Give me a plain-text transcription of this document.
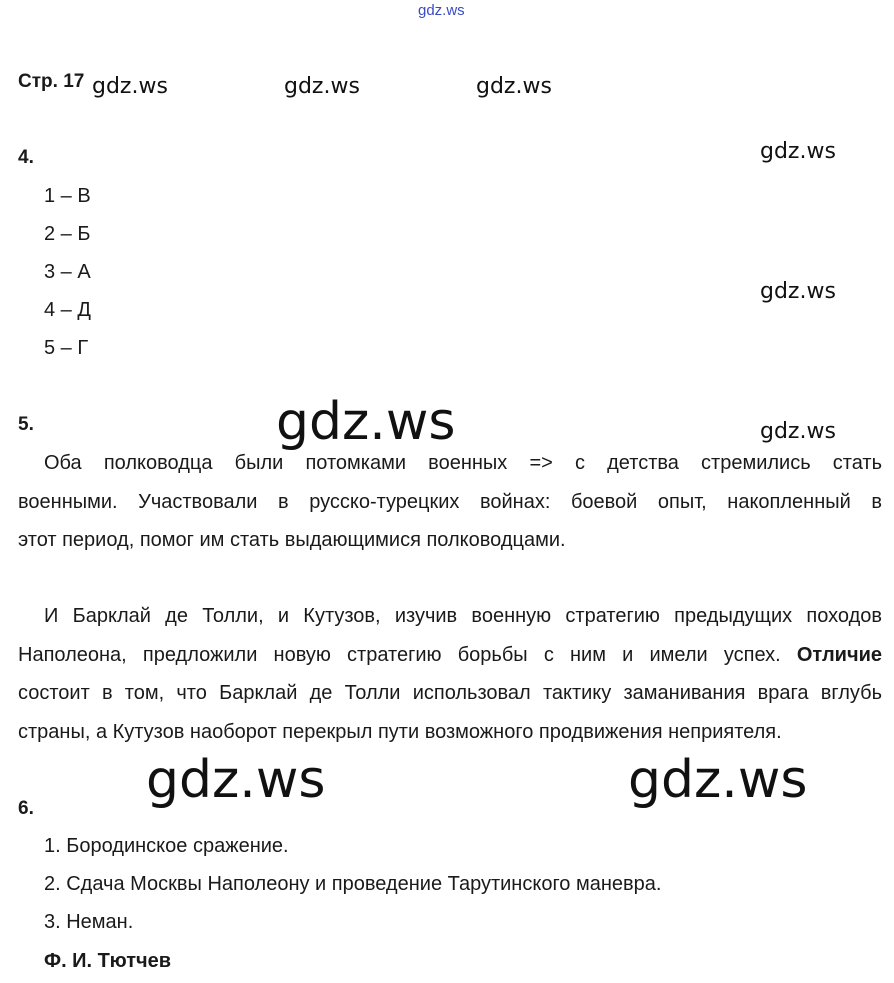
gdz.ws
gdz.ws	gdz.ws	gdz.ws
gdz.ws
gdz.ws
gdz.ws
gdz.ws
gdz.ws	gdz.ws
Стр. 17
4.
1 – В
2 – Б
3 – А
4 – Д
5 – Г
5.
Оба полководца были потомками военных => с детства стремились стать
военными. Участвовали в русско-турецких войнах: боевой опыт, накопленный в
этот период, помог им стать выдающимися полководцами.
И Барклай де Толли, и Кутузов, изучив военную стратегию предыдущих походов
Наполеона, предложили новую стратегию борьбы с ним и имели успех. Отличие
состоит в том, что Барклай де Толли использовал тактику заманивания врага вглубь
страны, а Кутузов наоборот перекрыл пути возможного продвижения неприятеля.
6.
1. Бородинское сражение.
2. Сдача Москвы Наполеону и проведение Тарутинского маневра.
3. Неман.
Ф. И. Тютчев
